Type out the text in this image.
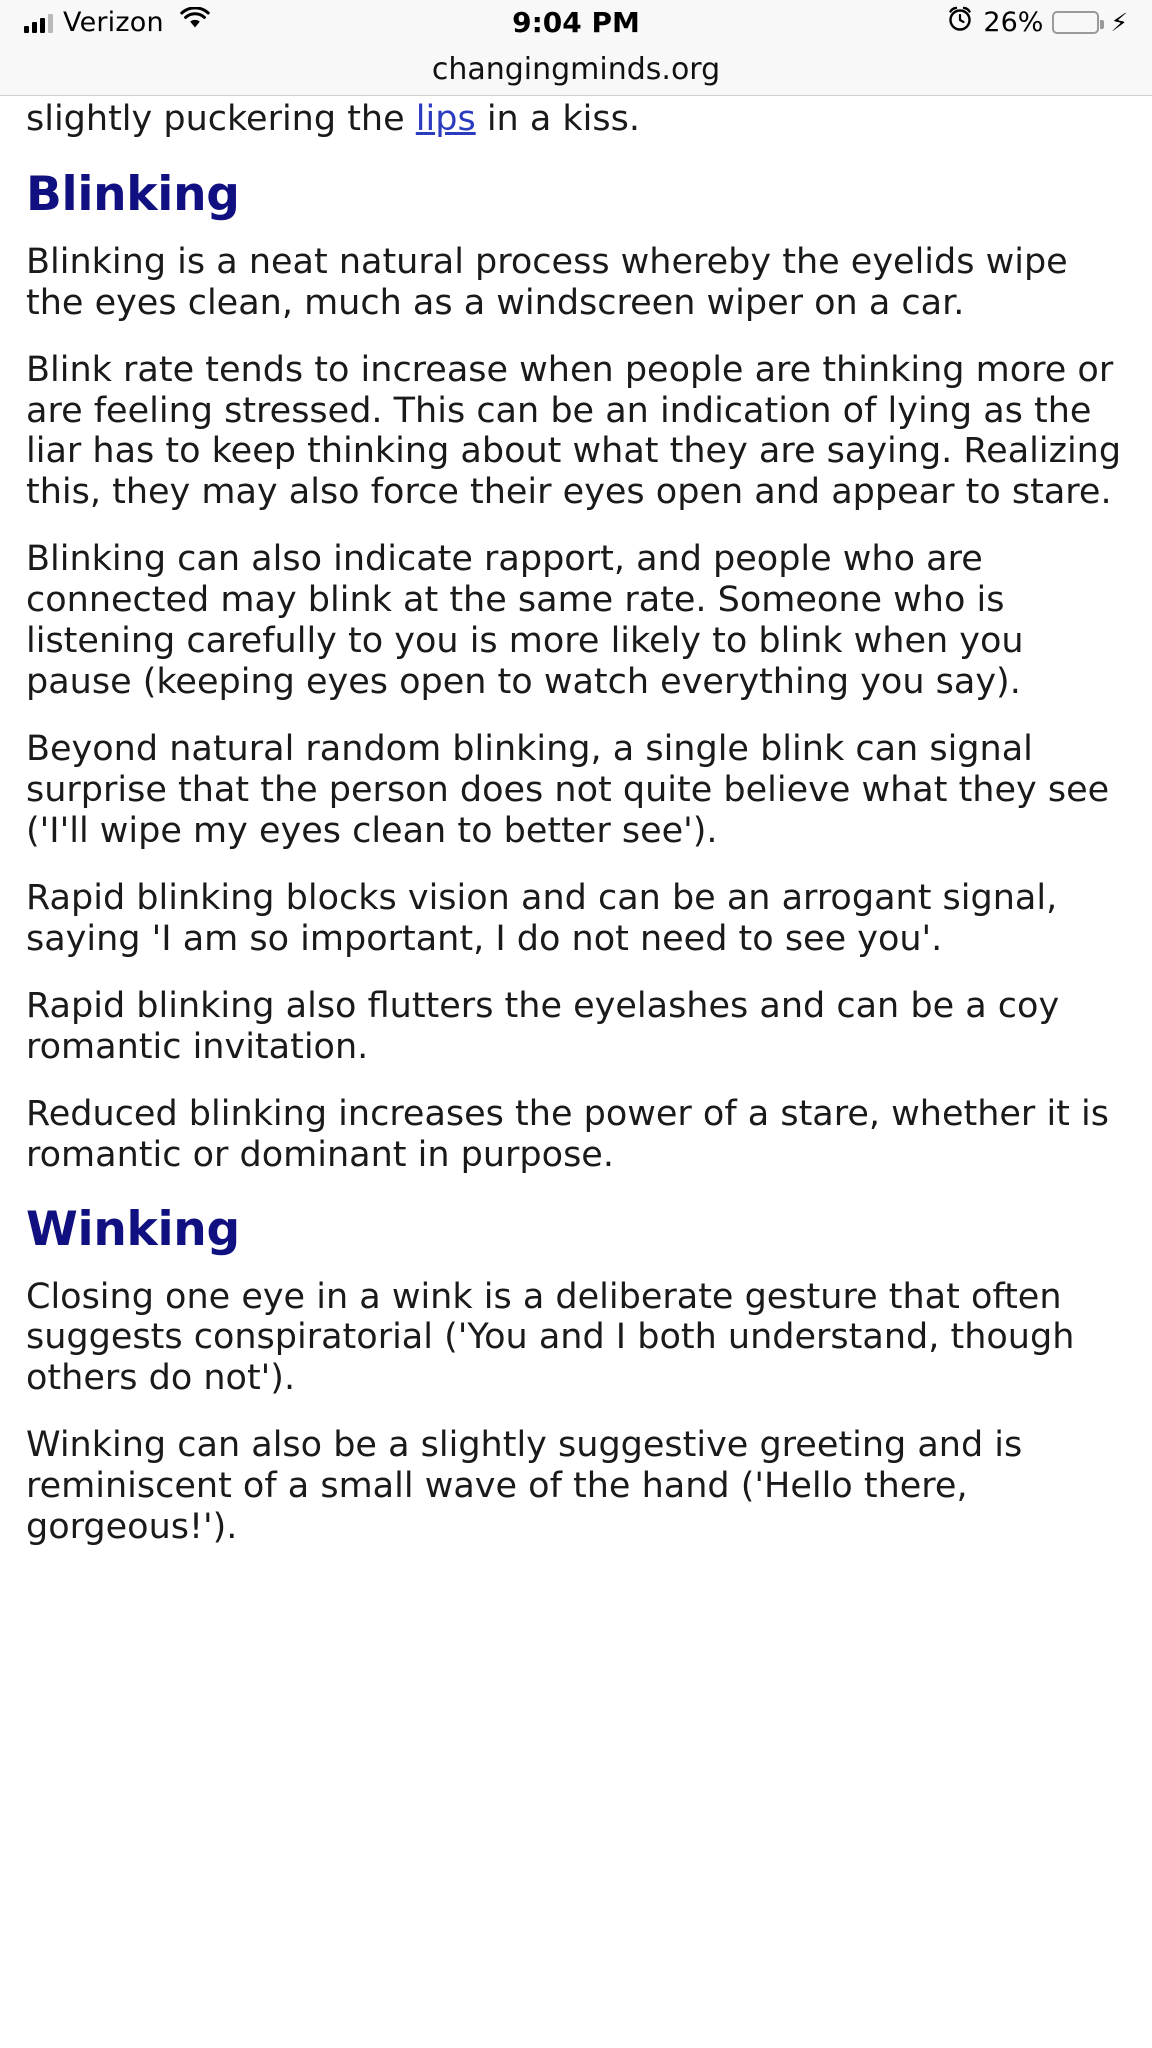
Verizon	9:04 PM	26%	⚡
changingminds.org
slightly puckering the lips in a kiss.
Blinking

Blinking is a neat natural process whereby the eyelids wipe the eyes clean, much as a windscreen wiper on a car.

Blink rate tends to increase when people are thinking more or are feeling stressed. This can be an indication of lying as the liar has to keep thinking about what they are saying. Realizing this, they may also force their eyes open and appear to stare.

Blinking can also indicate rapport, and people who are connected may blink at the same rate. Someone who is listening carefully to you is more likely to blink when you pause (keeping eyes open to watch everything you say).

Beyond natural random blinking, a single blink can signal surprise that the person does not quite believe what they see ('I'll wipe my eyes clean to better see').

Rapid blinking blocks vision and can be an arrogant signal, saying 'I am so important, I do not need to see you'.

Rapid blinking also flutters the eyelashes and can be a coy romantic invitation.

Reduced blinking increases the power of a stare, whether it is romantic or dominant in purpose.

Winking

Closing one eye in a wink is a deliberate gesture that often suggests conspiratorial ('You and I both understand, though others do not').

Winking can also be a slightly suggestive greeting and is reminiscent of a small wave of the hand ('Hello there, gorgeous!').
